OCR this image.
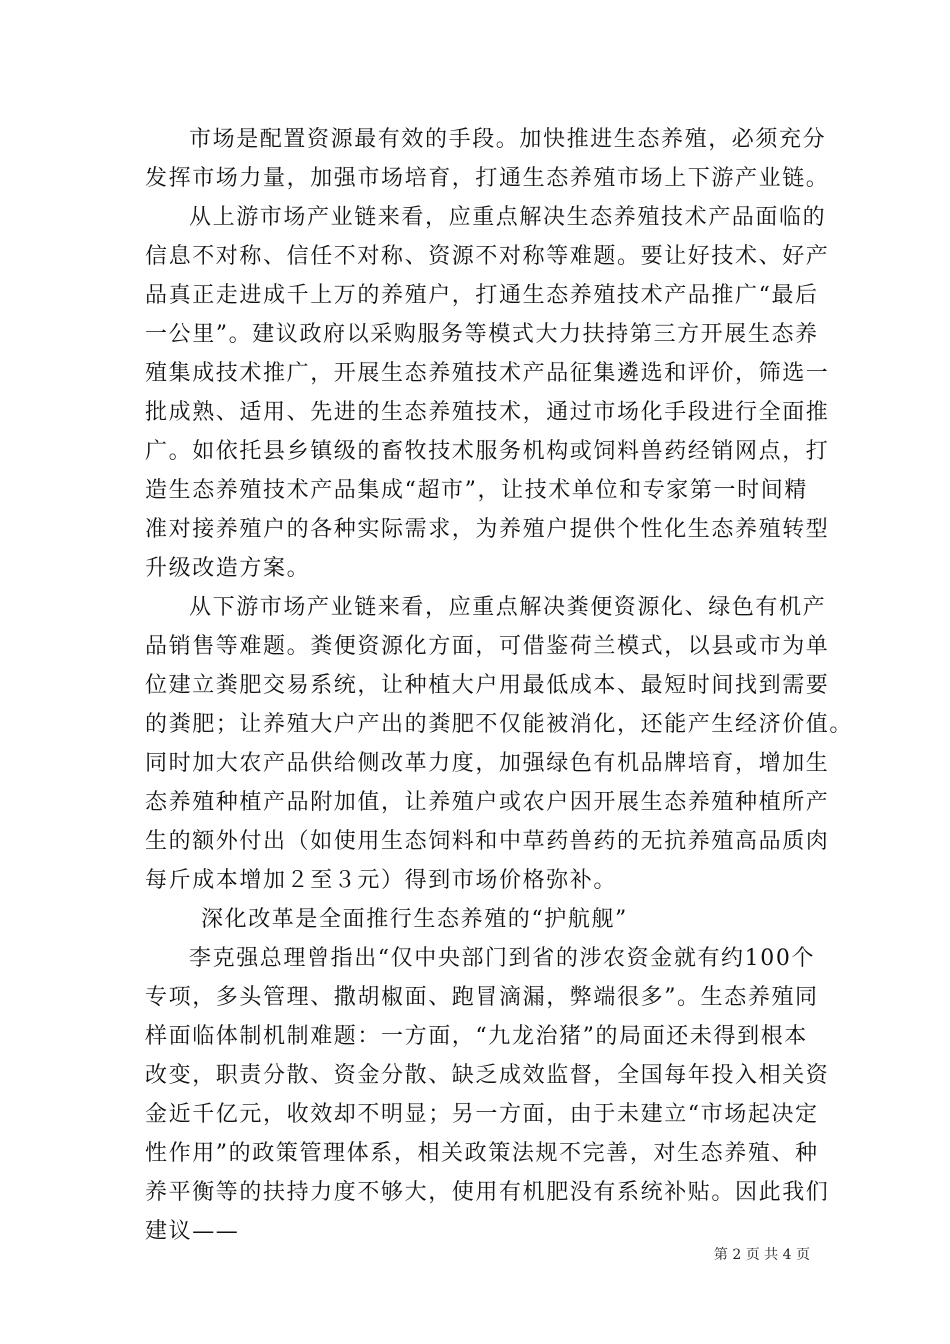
市场是配置资源最有效的手段。加快推进生态养殖，必须充分
发挥市场力量，加强市场培育，打通生态养殖市场上下游产业链。
从上游市场产业链来看，应重点解决生态养殖技术产品面临的
信息不对称、信任不对称、资源不对称等难题。要让好技术、好产
品真正走进成千上万的养殖户，打通生态养殖技术产品推广“最后
一公里”。建议政府以采购服务等模式大力扶持第三方开展生态养
殖集成技术推广，开展生态养殖技术产品征集遴选和评价，筛选一
批成熟、适用、先进的生态养殖技术，通过市场化手段进行全面推
广。如依托县乡镇级的畜牧技术服务机构或饲料兽药经销网点，打
造生态养殖技术产品集成“超市”，让技术单位和专家第一时间精
准对接养殖户的各种实际需求，为养殖户提供个性化生态养殖转型
升级改造方案。
从下游市场产业链来看，应重点解决粪便资源化、绿色有机产
品销售等难题。粪便资源化方面，可借鉴荷兰模式，以县或市为单
位建立粪肥交易系统，让种植大户用最低成本、最短时间找到需要
的粪肥；让养殖大户产出的粪肥不仅能被消化，还能产生经济价值。
同时加大农产品供给侧改革力度，加强绿色有机品牌培育，增加生
态养殖种植产品附加值，让养殖户或农户因开展生态养殖种植所产
生的额外付出（如使用生态饲料和中草药兽药的无抗养殖高品质肉
每斤成本增加２至３元）得到市场价格弥补。

深化改革是全面推行生态养殖的“护航舰”

李克强总理曾指出“仅中央部门到省的涉农资金就有约100个
专项，多头管理、撒胡椒面、跑冒滴漏，弊端很多”。生态养殖同
样面临体制机制难题：一方面，“九龙治猪”的局面还未得到根本
改变，职责分散、资金分散、缺乏成效监督，全国每年投入相关资
金近千亿元，收效却不明显；另一方面，由于未建立“市场起决定
性作用”的政策管理体系，相关政策法规不完善，对生态养殖、种
养平衡等的扶持力度不够大，使用有机肥没有系统补贴。因此我们
建议——
第 2 页 共 4 页
